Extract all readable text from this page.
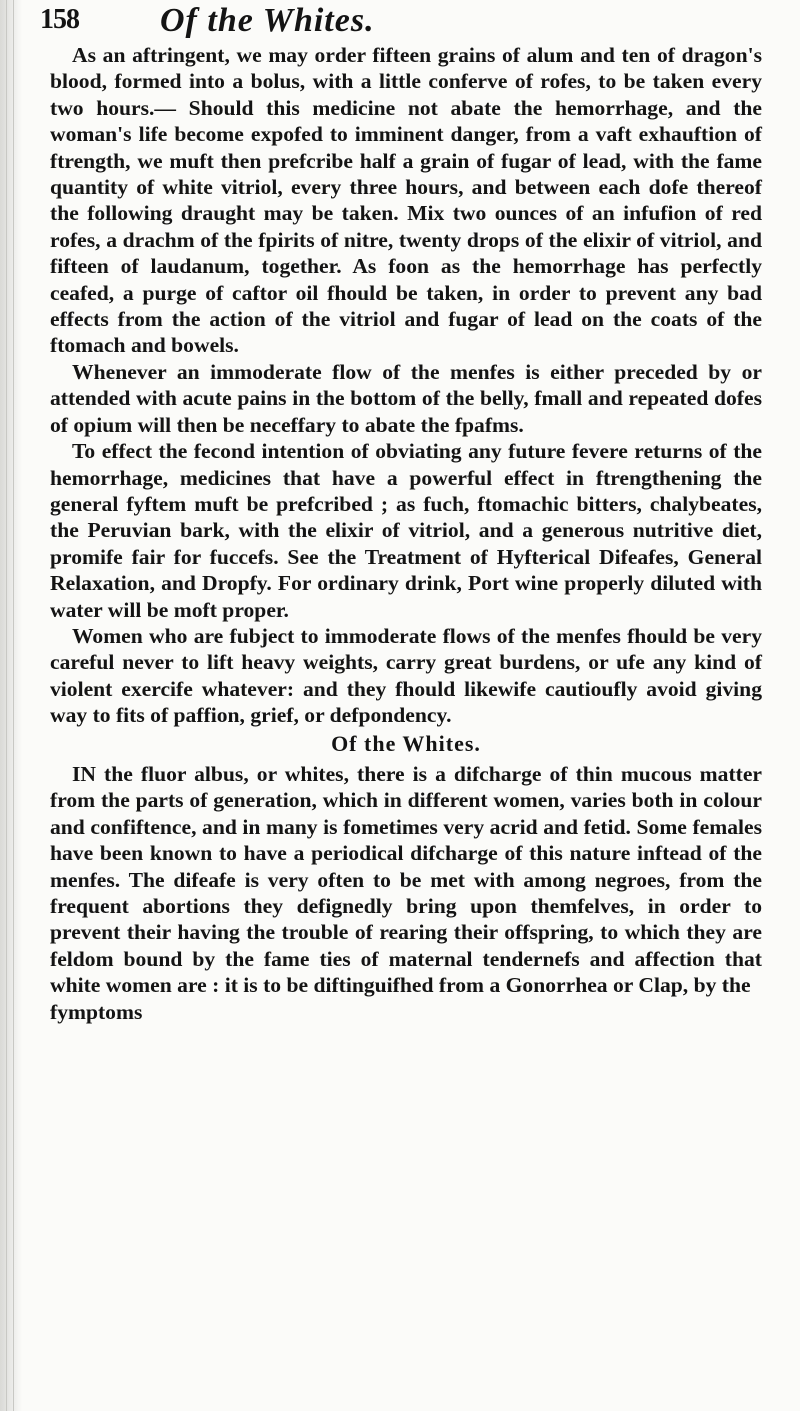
158 Of the Whites.

As an aftringent, we may order fifteen grains of alum and ten of dragon's blood, formed into a bolus, with a little conferve of rofes, to be taken every two hours.— Should this medicine not abate the hemorrhage, and the woman's life become expofed to imminent danger, from a vaft exhauftion of ftrength, we muft then prefcribe half a grain of fugar of lead, with the fame quantity of white vitriol, every three hours, and between each dofe thereof the following draught may be taken. Mix two ounces of an infufion of red rofes, a drachm of the fpirits of nitre, twenty drops of the elixir of vitriol, and fifteen of laudanum, together. As foon as the hemorrhage has perfectly ceafed, a purge of caftor oil fhould be taken, in order to prevent any bad effects from the action of the vitriol and fugar of lead on the coats of the ftomach and bowels.

Whenever an immoderate flow of the menfes is either preceded by or attended with acute pains in the bottom of the belly, fmall and repeated dofes of opium will then be neceffary to abate the fpafms.

To effect the fecond intention of obviating any future fevere returns of the hemorrhage, medicines that have a powerful effect in ftrengthening the general fyftem muft be prefcribed ; as fuch, ftomachic bitters, chalybeates, the Peruvian bark, with the elixir of vitriol, and a generous nutritive diet, promife fair for fuccefs. See the Treatment of Hyfterical Difeafes, General Relaxation, and Dropfy. For ordinary drink, Port wine properly diluted with water will be moft proper.

Women who are fubject to immoderate flows of the menfes fhould be very careful never to lift heavy weights, carry great burdens, or ufe any kind of violent exercife whatever: and they fhould likewife cautioufly avoid giving way to fits of paffion, grief, or defpondency.

Of the Whites.

IN the fluor albus, or whites, there is a difcharge of thin mucous matter from the parts of generation, which in different women, varies both in colour and confiftence, and in many is fometimes very acrid and fetid. Some females have been known to have a periodical difcharge of this nature inftead of the menfes. The difeafe is very often to be met with among negroes, from the frequent abortions they defignedly bring upon themfelves, in order to prevent their having the trouble of rearing their offspring, to which they are feldom bound by the fame ties of maternal tendernefs and affection that white women are : it is to be diftinguifhed from a Gonorrhea or Clap, by the

fymptoms
